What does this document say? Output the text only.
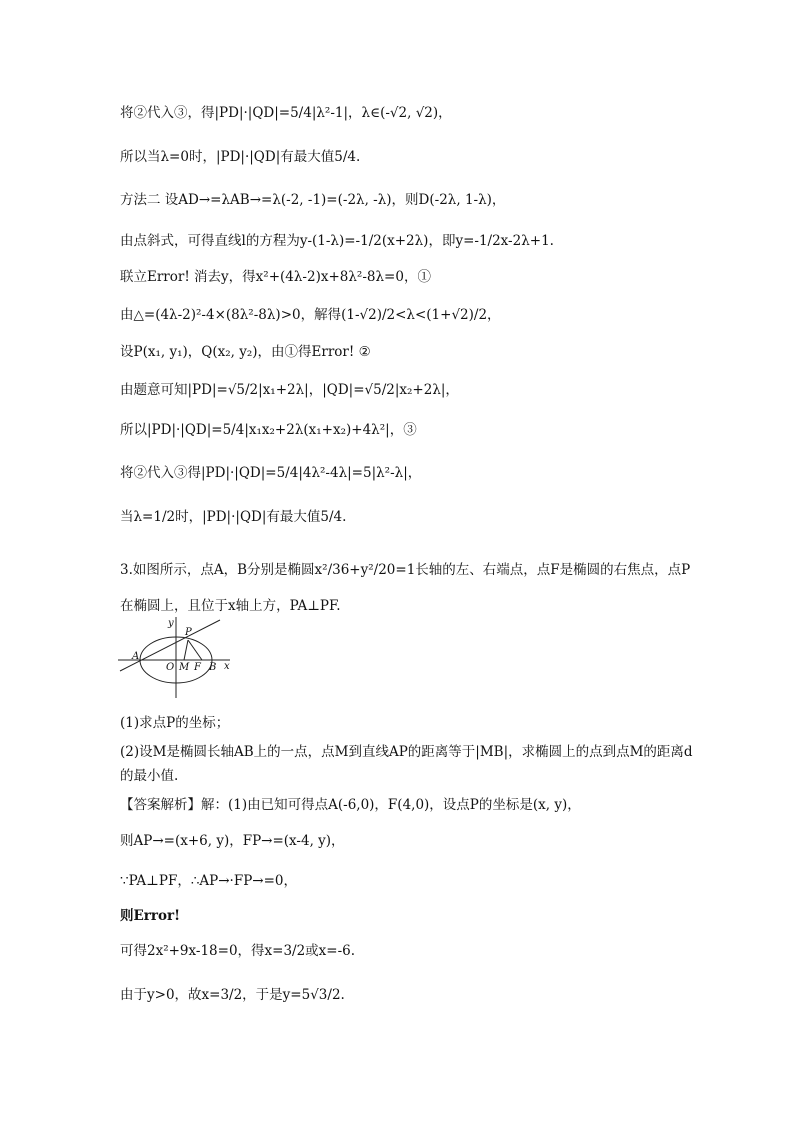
将②代入③，得|PD|·|QD|=5/4|λ²-1|，λ∈(-√2, √2)，
所以当λ=0时，|PD|·|QD|有最大值5/4.
方法二 设AD→=λAB→=λ(-2, -1)=(-2λ, -λ)，则D(-2λ, 1-λ)，
由点斜式，可得直线l的方程为y-(1-λ)=-1/2(x+2λ)，即y=-1/2x-2λ+1.
联立Error! 消去y，得x²+(4λ-2)x+8λ²-8λ=0，①
由△=(4λ-2)²-4×(8λ²-8λ)>0，解得(1-√2)/2<λ<(1+√2)/2，
设P(x₁, y₁)，Q(x₂, y₂)，由①得Error! ②
由题意可知|PD|=√5/2|x₁+2λ|，|QD|=√5/2|x₂+2λ|，
所以|PD|·|QD|=5/4|x₁x₂+2λ(x₁+x₂)+4λ²|，③
将②代入③得|PD|·|QD|=5/4|4λ²-4λ|=5|λ²-λ|，
当λ=1/2时，|PD|·|QD|有最大值5/4.
3.如图所示，点A，B分别是椭圆x²/36+y²/20=1长轴的左、右端点，点F是椭圆的右焦点，点P在椭圆上，且位于x轴上方，PA⊥PF.
y
P
A
O M F B x
(1)求点P的坐标；
(2)设M是椭圆长轴AB上的一点，点M到直线AP的距离等于|MB|，求椭圆上的点到点M的距离d的最小值.
【答案解析】解：(1)由已知可得点A(-6,0)，F(4,0)，设点P的坐标是(x, y)，
则AP→=(x+6, y)，FP→=(x-4, y)，
∵PA⊥PF，∴AP→·FP→=0，
则Error!
可得2x²+9x-18=0，得x=3/2或x=-6.
由于y>0，故x=3/2，于是y=5√3/2.
